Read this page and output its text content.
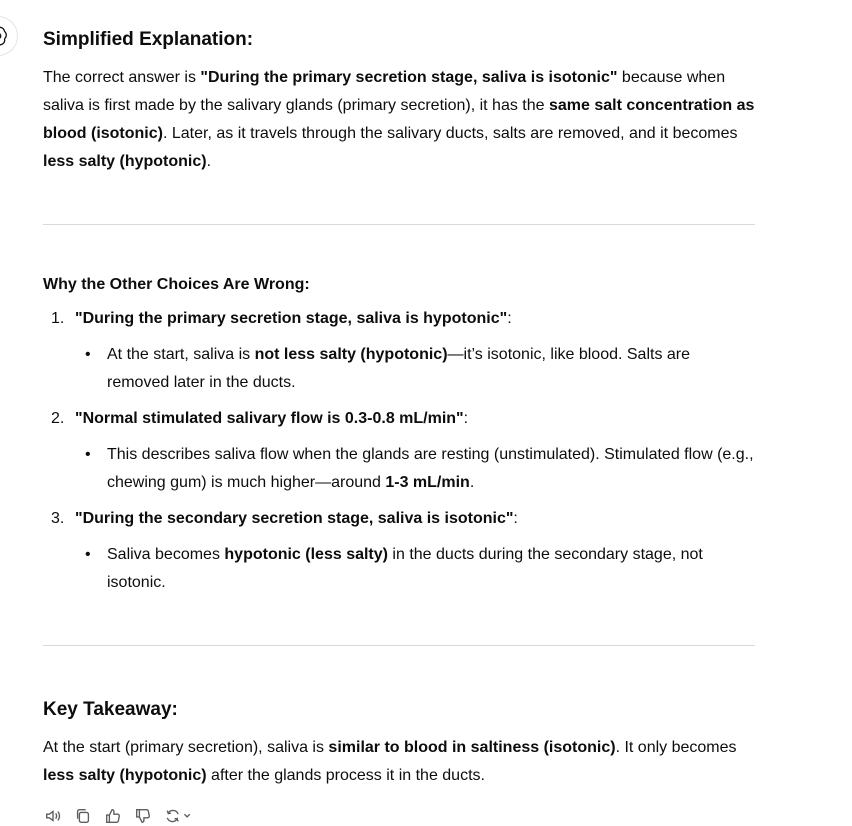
Simplified Explanation:

The correct answer is "During the primary secretion stage, saliva is isotonic" because when saliva is first made by the salivary glands (primary secretion), it has the same salt concentration as blood (isotonic). Later, as it travels through the salivary ducts, salts are removed, and it becomes less salty (hypotonic).

Why the Other Choices Are Wrong:

1. "During the primary secretion stage, saliva is hypotonic":
• At the start, saliva is not less salty (hypotonic)—it’s isotonic, like blood. Salts are removed later in the ducts.
2. "Normal stimulated salivary flow is 0.3-0.8 mL/min":
• This describes saliva flow when the glands are resting (unstimulated). Stimulated flow (e.g., chewing gum) is much higher—around 1-3 mL/min.
3. "During the secondary secretion stage, saliva is isotonic":
• Saliva becomes hypotonic (less salty) in the ducts during the secondary stage, not isotonic.
Key Takeaway:

At the start (primary secretion), saliva is similar to blood in saltiness (isotonic). It only becomes less salty (hypotonic) after the glands process it in the ducts.
